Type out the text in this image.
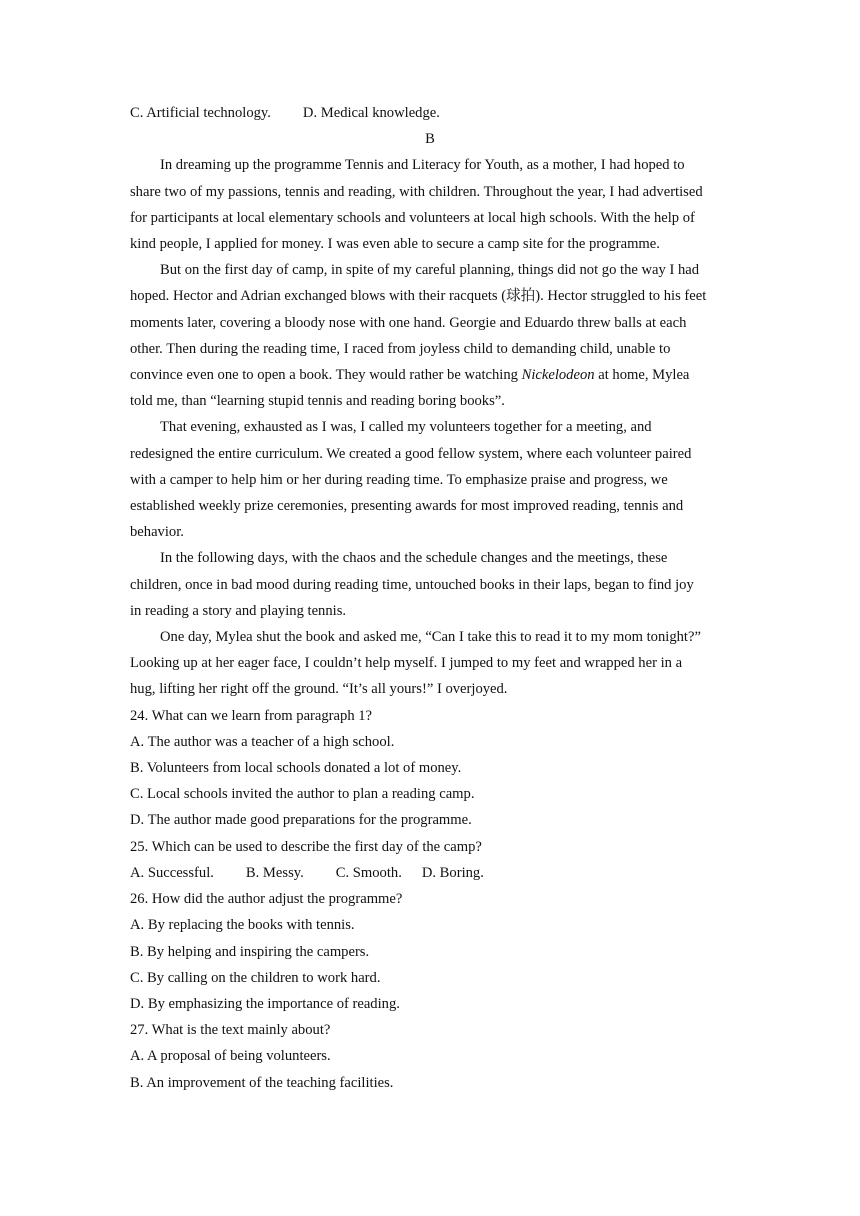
C. Artificial technology. D. Medical knowledge.
B
In dreaming up the programme Tennis and Literacy for Youth, as a mother, I had hoped to
share two of my passions, tennis and reading, with children. Throughout the year, I had advertised
for participants at local elementary schools and volunteers at local high schools. With the help of
kind people, I applied for money. I was even able to secure a camp site for the programme.
But on the first day of camp, in spite of my careful planning, things did not go the way I had
hoped. Hector and Adrian exchanged blows with their racquets (球拍). Hector struggled to his feet
moments later, covering a bloody nose with one hand. Georgie and Eduardo threw balls at each
other. Then during the reading time, I raced from joyless child to demanding child, unable to
convince even one to open a book. They would rather be watching Nickelodeon at home, Mylea
told me, than “learning stupid tennis and reading boring books”.
That evening, exhausted as I was, I called my volunteers together for a meeting, and
redesigned the entire curriculum. We created a good fellow system, where each volunteer paired
with a camper to help him or her during reading time. To emphasize praise and progress, we
established weekly prize ceremonies, presenting awards for most improved reading, tennis and
behavior.
In the following days, with the chaos and the schedule changes and the meetings, these
children, once in bad mood during reading time, untouched books in their laps, began to find joy
in reading a story and playing tennis.
One day, Mylea shut the book and asked me, “Can I take this to read it to my mom tonight?”
Looking up at her eager face, I couldn’t help myself. I jumped to my feet and wrapped her in a
hug, lifting her right off the ground. “It’s all yours!” I overjoyed.
24. What can we learn from paragraph 1?
A. The author was a teacher of a high school.
B. Volunteers from local schools donated a lot of money.
C. Local schools invited the author to plan a reading camp.
D. The author made good preparations for the programme.
25. Which can be used to describe the first day of the camp?
A. Successful. B. Messy. C. Smooth. D. Boring.
26. How did the author adjust the programme?
A. By replacing the books with tennis.
B. By helping and inspiring the campers.
C. By calling on the children to work hard.
D. By emphasizing the importance of reading.
27. What is the text mainly about?
A. A proposal of being volunteers.
B. An improvement of the teaching facilities.
